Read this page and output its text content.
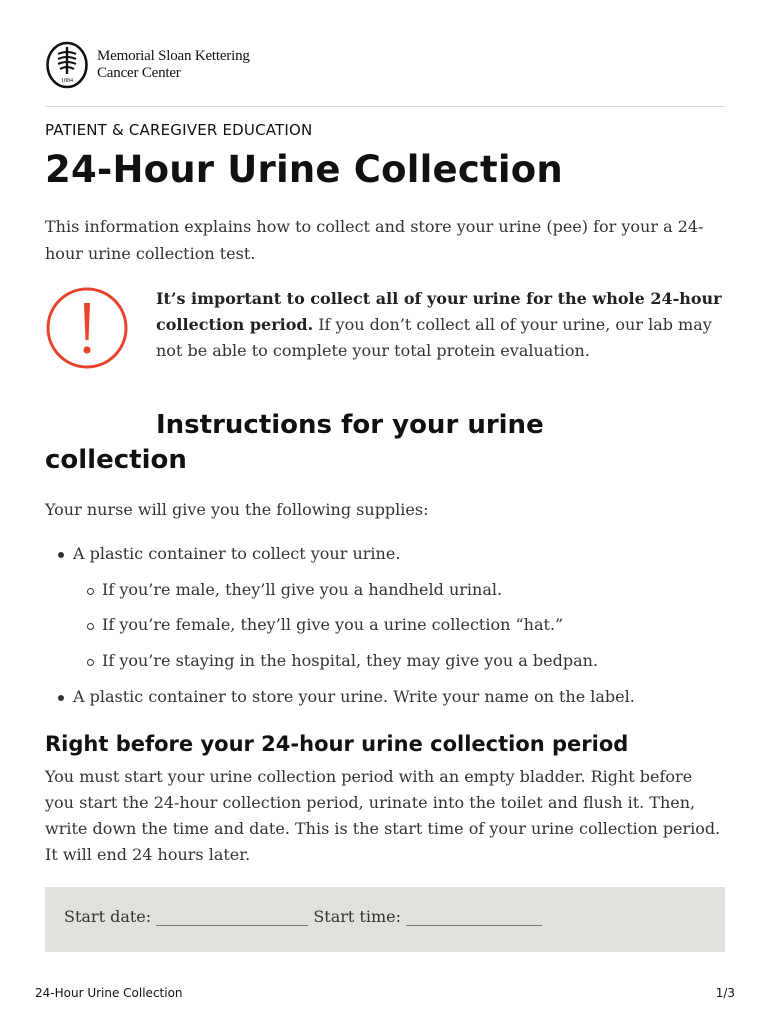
1884
Memorial Sloan Kettering
Cancer Center
PATIENT & CAREGIVER EDUCATION
24-Hour Urine Collection
This information explains how to collect and store your urine (pee) for your a 24-hour urine collection test.
It’s important to collect all of your urine for the whole 24-hour collection period. If you don’t collect all of your urine, our lab may not be able to complete your total protein evaluation.
Instructions for your urine collection
Your nurse will give you the following supplies:
A plastic container to collect your urine.
If you’re male, they’ll give you a handheld urinal.
If you’re female, they’ll give you a urine collection “hat.”
If you’re staying in the hospital, they may give you a bedpan.
A plastic container to store your urine. Write your name on the label.
Right before your 24-hour urine collection period
You must start your urine collection period with an empty bladder. Right before you start the 24-hour collection period, urinate into the toilet and flush it. Then, write down the time and date. This is the start time of your urine collection period. It will end 24 hours later.
Start date: ___________________ Start time: _________________
24-Hour Urine Collection	1/3
